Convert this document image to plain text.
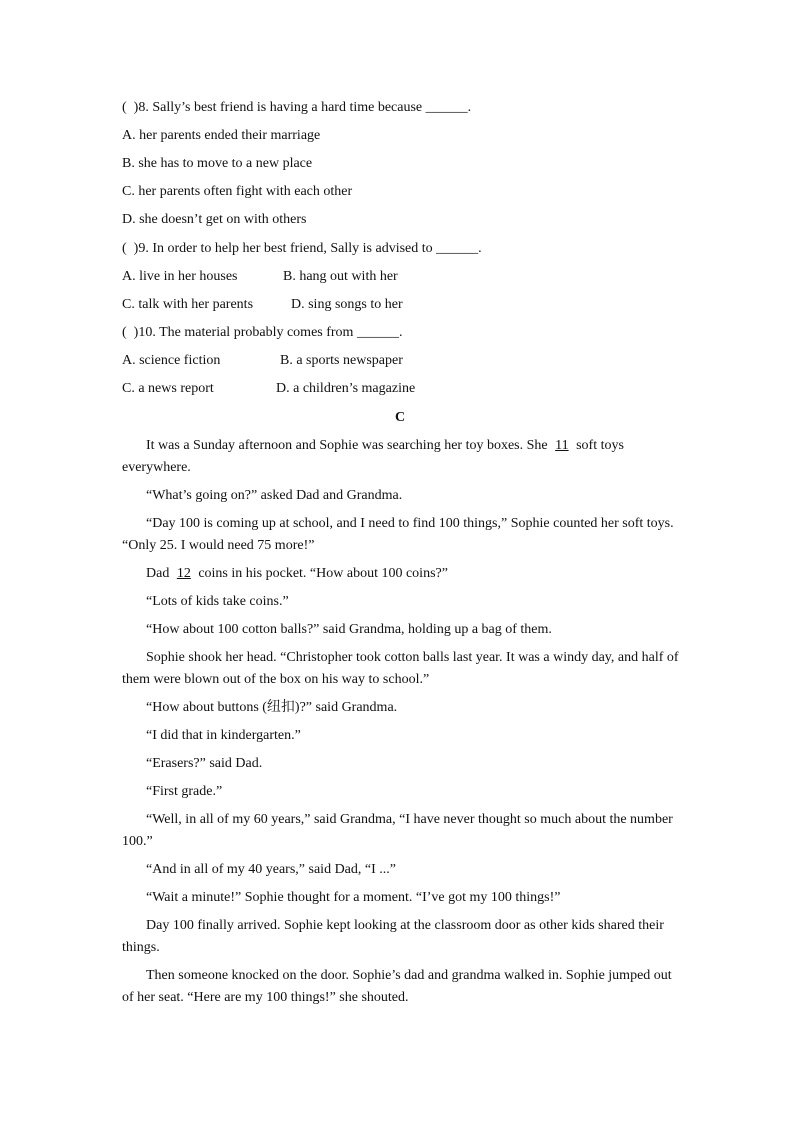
(  )8. Sally’s best friend is having a hard time because ______.
A. her parents ended their marriage
B. she has to move to a new place
C. her parents often fight with each other
D. she doesn’t get on with others
(  )9. In order to help her best friend, Sally is advised to ______.
A. live in her houses	B. hang out with her
C. talk with her parents	D. sing songs to her
(  )10. The material probably comes from ______.
A. science fiction	B. a sports newspaper
C. a news report	D. a children’s magazine
C
It was a Sunday afternoon and Sophie was searching her toy boxes. She 11 soft toys everywhere.
“What’s going on?” asked Dad and Grandma.
“Day 100 is coming up at school, and I need to find 100 things,” Sophie counted her soft toys. “Only 25. I would need 75 more!”
Dad 12 coins in his pocket. “How about 100 coins?”
“Lots of kids take coins.”
“How about 100 cotton balls?” said Grandma, holding up a bag of them.
Sophie shook her head. “Christopher took cotton balls last year. It was a windy day, and half of them were blown out of the box on his way to school.”
“How about buttons (纽扣)?” said Grandma.
“I did that in kindergarten.”
“Erasers?” said Dad.
“First grade.”
“Well, in all of my 60 years,” said Grandma, “I have never thought so much about the number 100.”
“And in all of my 40 years,” said Dad, “I ...”
“Wait a minute!” Sophie thought for a moment. “I’ve got my 100 things!”
Day 100 finally arrived. Sophie kept looking at the classroom door as other kids shared their things.
Then someone knocked on the door. Sophie’s dad and grandma walked in. Sophie jumped out of her seat. “Here are my 100 things!” she shouted.
